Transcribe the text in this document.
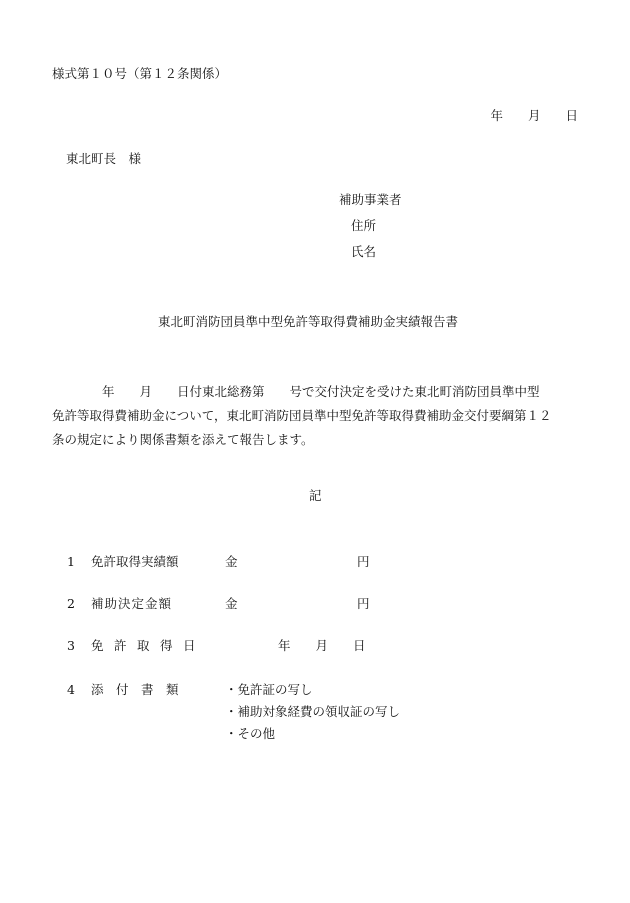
様式第１０号（第１２条関係）
年　　月　　日
東北町長　様
補助事業者
住所
氏名
東北町消防団員準中型免許等取得費補助金実績報告書
年　　月　　日付東北総務第　　号で交付決定を受けた東北町消防団員準中型
免許等取得費補助金について，東北町消防団員準中型免許等取得費補助金交付要綱第１２
条の規定により関係書類を添えて報告します。
記
1 免許取得実績額	金	円
2 補助決定金額	金	円
3 免　許　取　得　日	年　　月　　日
4 添　付　書　類	・免許証の写し
・補助対象経費の領収証の写し
・その他
